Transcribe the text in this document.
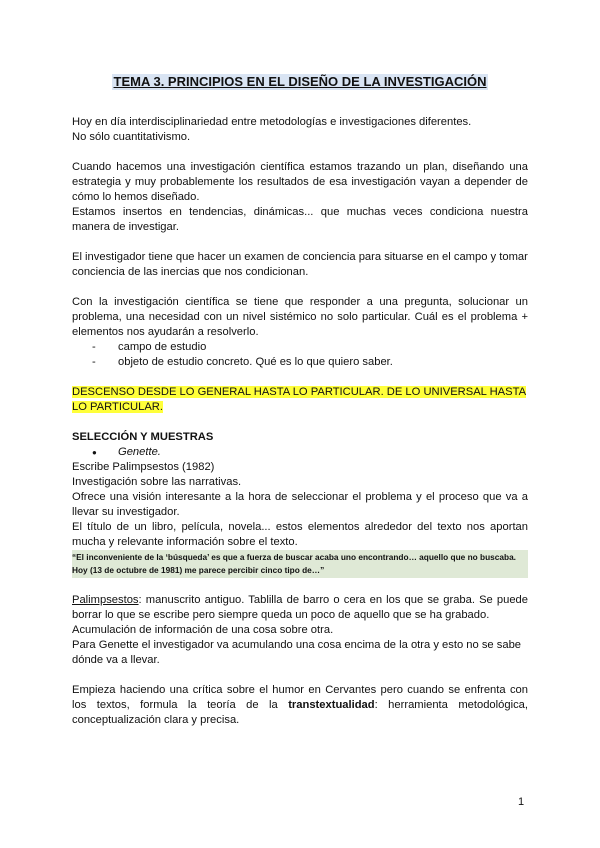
TEMA 3. PRINCIPIOS EN EL DISEÑO DE LA INVESTIGACIÓN

Hoy en día interdisciplinariedad entre metodologías e investigaciones diferentes.

No sólo cuantitativismo.

Cuando hacemos una investigación científica estamos trazando un plan, diseñando una estrategia y muy probablemente los resultados de esa investigación vayan a depender de cómo lo hemos diseñado.

Estamos insertos en tendencias, dinámicas... que muchas veces condiciona nuestra manera de investigar.

El investigador tiene que hacer un examen de conciencia para situarse en el campo y tomar conciencia de las inercias que nos condicionan.

Con la investigación científica se tiene que responder a una pregunta, solucionar un problema, una necesidad con un nivel sistémico no solo particular. Cuál es el problema + elementos nos ayudarán a resolverlo.

- campo de estudio
- objeto de estudio concreto. Qué es lo que quiero saber.

DESCENSO DESDE LO GENERAL HASTA LO PARTICULAR. DE LO UNIVERSAL HASTA LO PARTICULAR.

SELECCIÓN Y MUESTRAS

● Genette.

Escribe Palimpsestos (1982)

Investigación sobre las narrativas.

Ofrece una visión interesante a la hora de seleccionar el problema y el proceso que va a llevar su investigador.

El título de un libro, película, novela... estos elementos alrededor del texto nos aportan mucha y relevante información sobre el texto.

“El inconveniente de la ‘búsqueda’ es que a fuerza de buscar acaba uno encontrando… aquello que no buscaba.

Hoy (13 de octubre de 1981) me parece percibir cinco tipo de…”

Palimpsestos: manuscrito antiguo. Tablilla de barro o cera en los que se graba. Se puede borrar lo que se escribe pero siempre queda un poco de aquello que se ha grabado.

Acumulación de información de una cosa sobre otra.

Para Genette el investigador va acumulando una cosa encima de la otra y esto no se sabe dónde va a llevar.

Empieza haciendo una crítica sobre el humor en Cervantes pero cuando se enfrenta con los textos, formula la teoría de la transtextualidad: herramienta metodológica, conceptualización clara y precisa.

1
